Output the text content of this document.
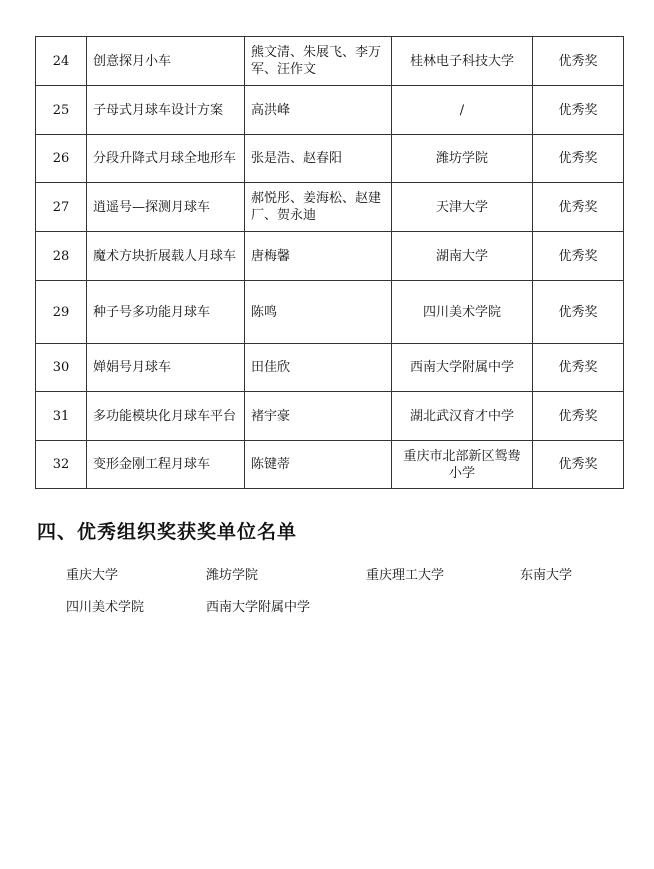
24	创意探月小车	熊文清、朱展飞、李万军、汪作文	桂林电子科技大学	优秀奖
25	子母式月球车设计方案	高洪峰	/	优秀奖
26	分段升降式月球全地形车	张是浩、赵春阳	潍坊学院	优秀奖
27	逍遥号—探测月球车	郝悦彤、姜海松、赵建厂、贺永迪	天津大学	优秀奖
28	魔术方块折展载人月球车	唐梅馨	湖南大学	优秀奖
29	种子号多功能月球车	陈鸣	四川美术学院	优秀奖
30	婵娟号月球车	田佳欣	西南大学附属中学	优秀奖
31	多功能模块化月球车平台	褚宇豪	湖北武汉育才中学	优秀奖
32	变形金刚工程月球车	陈键蒂	重庆市北部新区鸳鸯小学	优秀奖
四、优秀组织奖获奖单位名单
重庆大学	潍坊学院	重庆理工大学	东南大学
四川美术学院	西南大学附属中学
